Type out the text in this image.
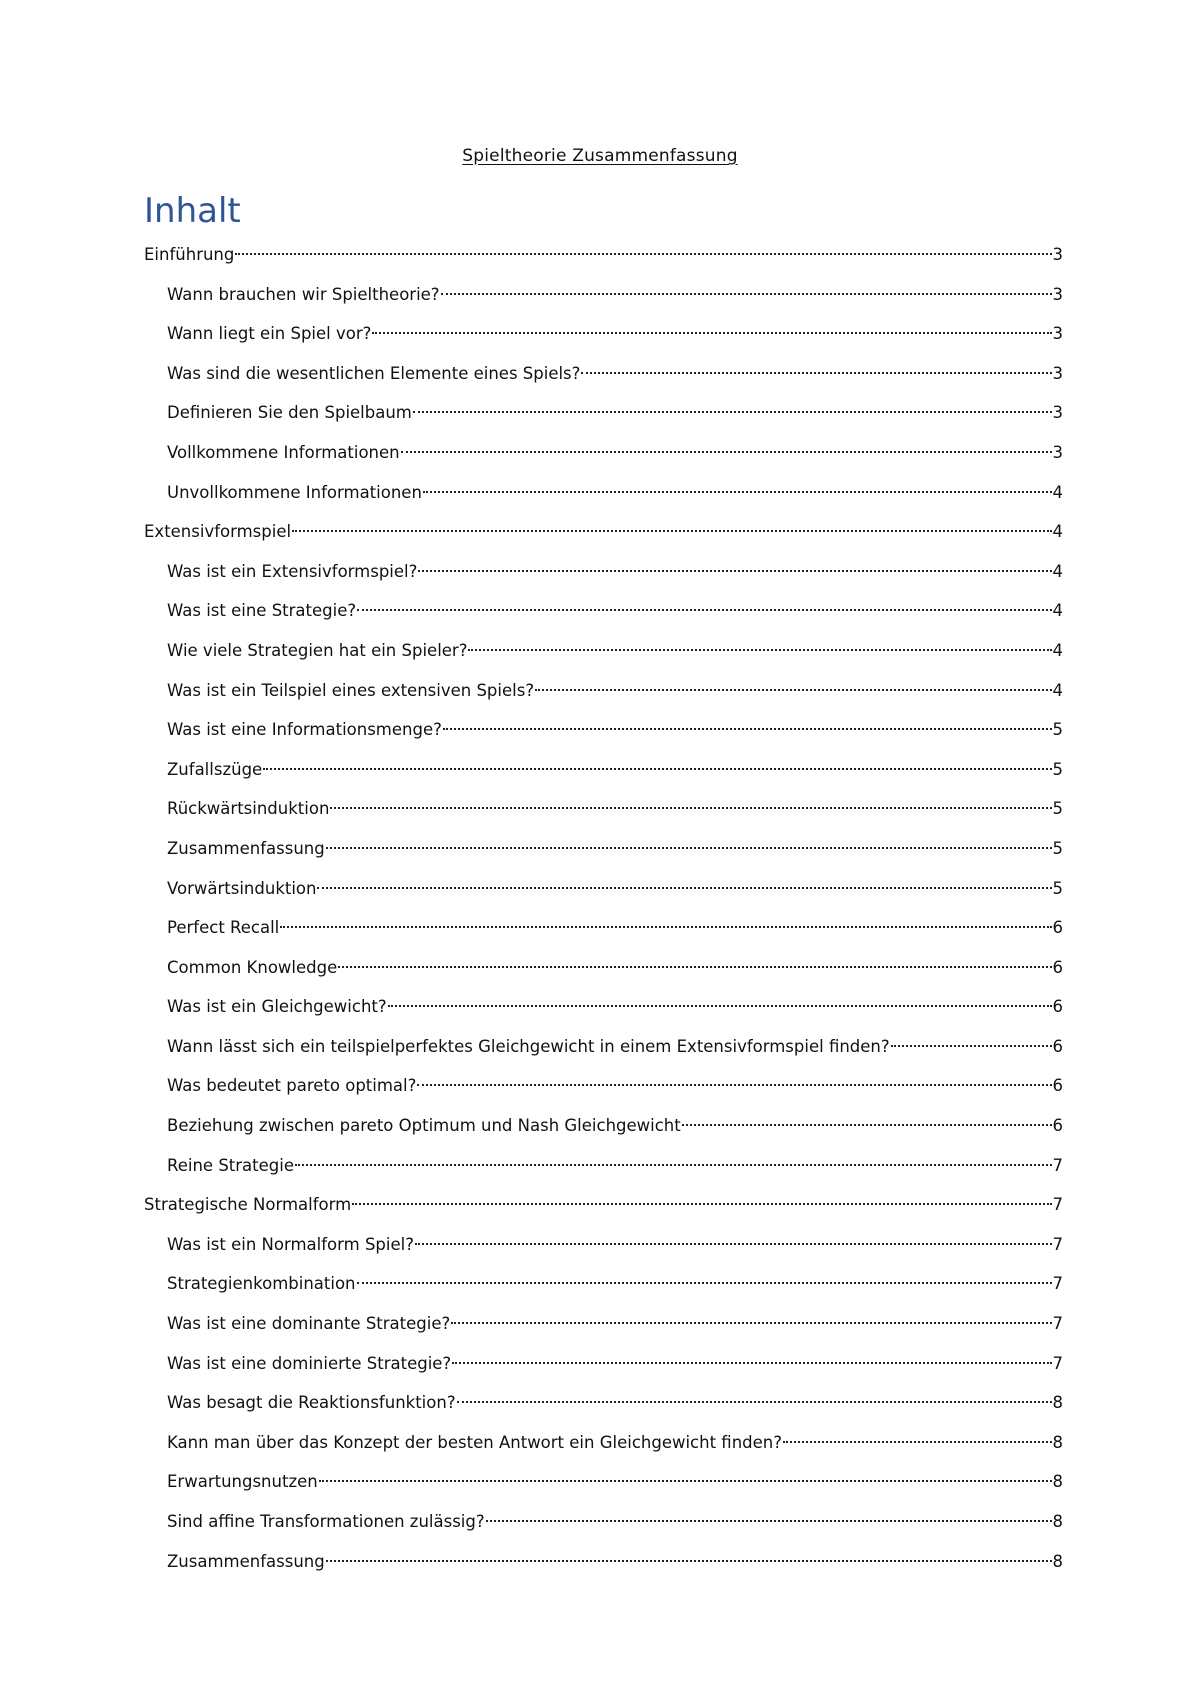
Spieltheorie Zusammenfassung
Inhalt
Einführung	3
Wann brauchen wir Spieltheorie?	3
Wann liegt ein Spiel vor?	3
Was sind die wesentlichen Elemente eines Spiels?	3
Definieren Sie den Spielbaum	3
Vollkommene Informationen	3
Unvollkommene Informationen	4
Extensivformspiel	4
Was ist ein Extensivformspiel?	4
Was ist eine Strategie?	4
Wie viele Strategien hat ein Spieler?	4
Was ist ein Teilspiel eines extensiven Spiels?	4
Was ist eine Informationsmenge?	5
Zufallszüge	5
Rückwärtsinduktion	5
Zusammenfassung	5
Vorwärtsinduktion	5
Perfect Recall	6
Common Knowledge	6
Was ist ein Gleichgewicht?	6
Wann lässt sich ein teilspielperfektes Gleichgewicht in einem Extensivformspiel finden?	6
Was bedeutet pareto optimal?	6
Beziehung zwischen pareto Optimum und Nash Gleichgewicht	6
Reine Strategie	7
Strategische Normalform	7
Was ist ein Normalform Spiel?	7
Strategienkombination	7
Was ist eine dominante Strategie?	7
Was ist eine dominierte Strategie?	7
Was besagt die Reaktionsfunktion?	8
Kann man über das Konzept der besten Antwort ein Gleichgewicht finden?	8
Erwartungsnutzen	8
Sind affine Transformationen zulässig?	8
Zusammenfassung	8
